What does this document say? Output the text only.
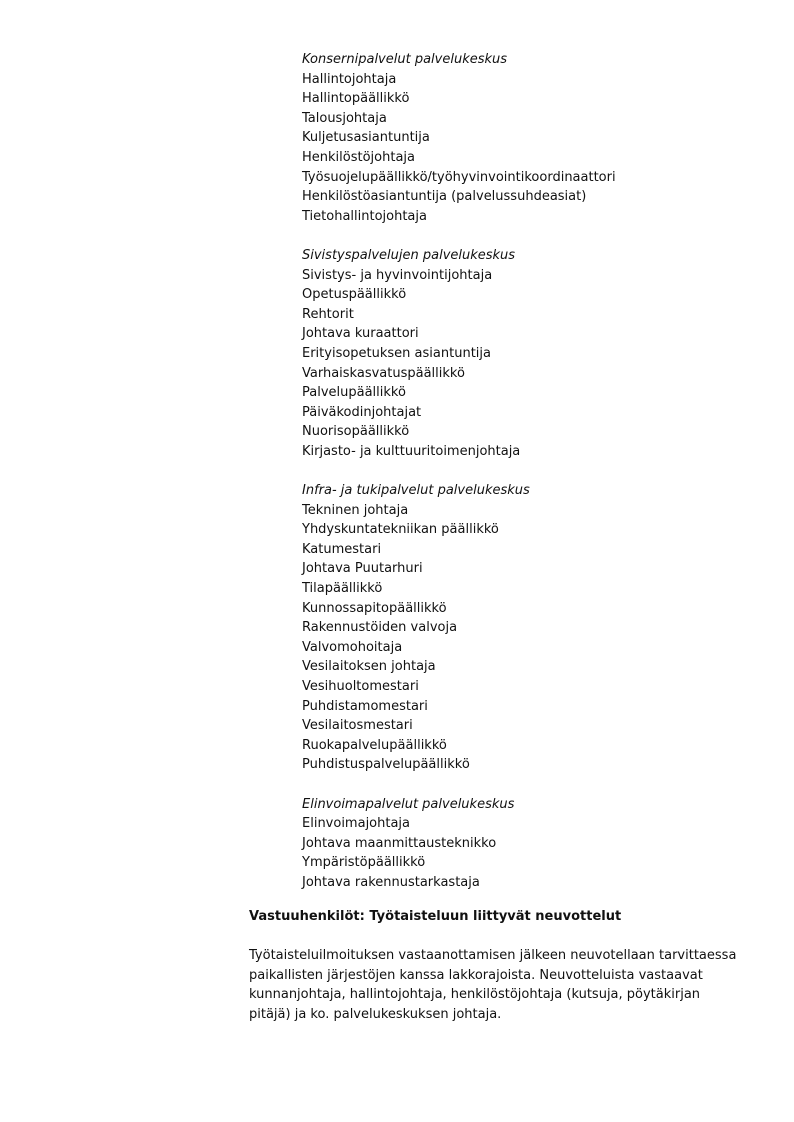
Konsernipalvelut palvelukeskus
Hallintojohtaja
Hallintopäällikkö
Talousjohtaja
Kuljetusasiantuntija
Henkilöstöjohtaja
Työsuojelupäällikkö/työhyvinvointikoordinaattori
Henkilöstöasiantuntija (palvelussuhdeasiat)
Tietohallintojohtaja
Sivistyspalvelujen palvelukeskus
Sivistys- ja hyvinvointijohtaja
Opetuspäällikkö
Rehtorit
Johtava kuraattori
Erityisopetuksen asiantuntija
Varhaiskasvatuspäällikkö
Palvelupäällikkö
Päiväkodinjohtajat
Nuorisopäällikkö
Kirjasto- ja kulttuuritoimenjohtaja
Infra- ja tukipalvelut palvelukeskus
Tekninen johtaja
Yhdyskuntatekniikan päällikkö
Katumestari
Johtava Puutarhuri
Tilapäällikkö
Kunnossapitopäällikkö
Rakennustöiden valvoja
Valvomohoitaja
Vesilaitoksen johtaja
Vesihuoltomestari
Puhdistamomestari
Vesilaitosmestari
Ruokapalvelupäällikkö
Puhdistuspalvelupäällikkö
Elinvoimapalvelut palvelukeskus
Elinvoimajohtaja
Johtava maanmittausteknikko
Ympäristöpäällikkö
Johtava rakennustarkastaja
Vastuuhenkilöt: Työtaisteluun liittyvät neuvottelut
Työtaisteluilmoituksen vastaanottamisen jälkeen neuvotellaan tarvittaessa
paikallisten järjestöjen kanssa lakkorajoista. Neuvotteluista vastaavat
kunnanjohtaja, hallintojohtaja, henkilöstöjohtaja (kutsuja, pöytäkirjan
pitäjä) ja ko. palvelukeskuksen johtaja.
